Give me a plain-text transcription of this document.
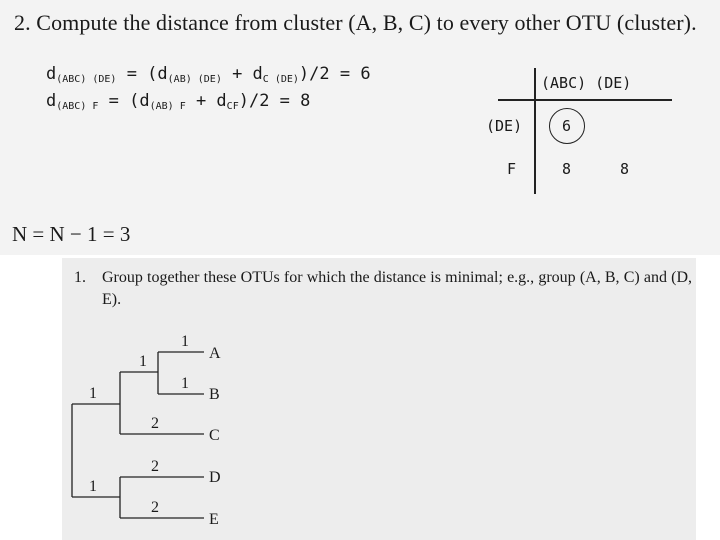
2. Compute the distance from cluster (A, B, C) to every other OTU (cluster).
$d_{(ABC) (DE)} = (d_{(AB) (DE)} + d_{C (DE)})/2 = 6$
$d_{(ABC) F} = (d_{(AB) F} + d_{CF})/2 = 8$
(ABC) (DE)
(DE)	6
F	8	8
N = N − 1 = 3
1. Group together these OTUs for which the distance is minimal; e.g., group (A, B, C) and (D, E).
A
B
C
D
E
1
1
1
2
1
2
2
1
